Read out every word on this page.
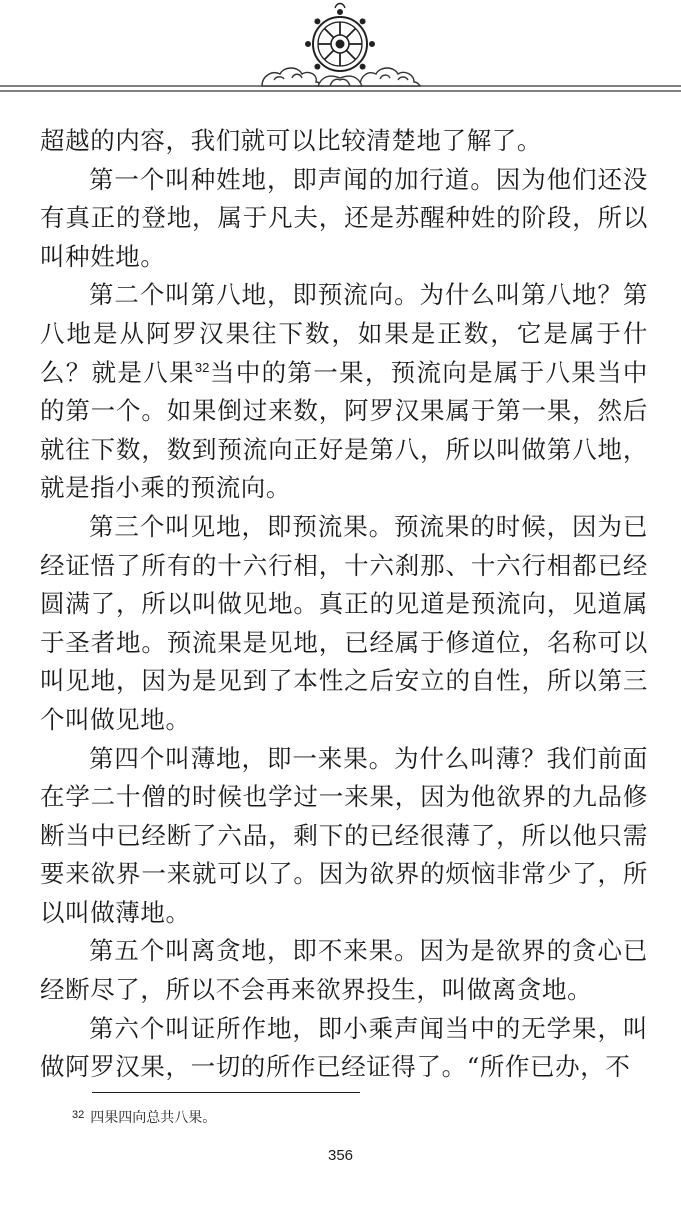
超越的内容，我们就可以比较清楚地了解了。

第一个叫种姓地，即声闻的加行道。因为他们还没有真正的登地，属于凡夫，还是苏醒种姓的阶段，所以叫种姓地。

第二个叫第八地，即预流向。为什么叫第八地？第八地是从阿罗汉果往下数，如果是正数，它是属于什么？就是八果$^{32}$当中的第一果，预流向是属于八果当中的第一个。如果倒过来数，阿罗汉果属于第一果，然后就往下数，数到预流向正好是第八，所以叫做第八地，就是指小乘的预流向。

第三个叫见地，即预流果。预流果的时候，因为已经证悟了所有的十六行相，十六刹那、十六行相都已经圆满了，所以叫做见地。真正的见道是预流向，见道属于圣者地。预流果是见地，已经属于修道位，名称可以叫见地，因为是见到了本性之后安立的自性，所以第三个叫做见地。

第四个叫薄地，即一来果。为什么叫薄？我们前面在学二十僧的时候也学过一来果，因为他欲界的九品修断当中已经断了六品，剩下的已经很薄了，所以他只需要来欲界一来就可以了。因为欲界的烦恼非常少了，所以叫做薄地。

第五个叫离贪地，即不来果。因为是欲界的贪心已经断尽了，所以不会再来欲界投生，叫做离贪地。

第六个叫证所作地，即小乘声闻当中的无学果，叫做阿罗汉果，一切的所作已经证得了。“所作已办，不

$^{32}$ 四果四向总共八果。
356
